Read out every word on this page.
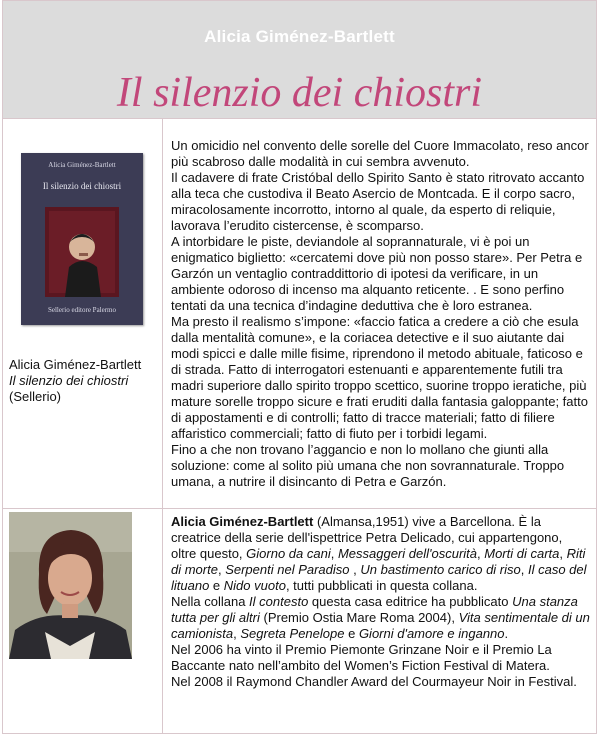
Alicia Giménez-Bartlett
Il silenzio dei chiostri
Alicia Giménez-Bartlett
Il silenzio dei chiostri
Sellerio editore Palermo
Alicia Giménez-Bartlett
Il silenzio dei chiostri
(Sellerio)

Un omicidio nel convento delle sorelle del Cuore Immacolato, reso ancor più scabroso dalle modalità in cui sembra avvenuto.

Il cadavere di frate Cristóbal dello Spirito Santo è stato ritrovato accanto alla teca che custodiva il Beato Asercio de Montcada. E il corpo sacro, miracolosamente incorrotto, intorno al quale, da esperto di reliquie, lavorava l’erudito cistercense, è scomparso.

A intorbidare le piste, deviandole al soprannaturale, vi è poi un enigmatico biglietto: «cercatemi dove più non posso stare». Per Petra e Garzón un ventaglio contraddittorio di ipotesi da verificare, in un ambiente odoroso di incenso ma alquanto reticente. . E sono perfino tentati da una tecnica d’indagine deduttiva che è loro estranea.

Ma presto il realismo s’impone: «faccio fatica a credere a ciò che esula dalla mentalità comune», e la coriacea detective e il suo aiutante dai modi spicci e dalle mille fisime, riprendono il metodo abituale, faticoso e di strada. Fatto di interrogatori estenuanti e apparentemente futili tra madri superiore dallo spirito troppo scettico, suorine troppo ieratiche, più mature sorelle troppo sicure e frati eruditi dalla fantasia galoppante; fatto di appostamenti e di controlli; fatto di tracce materiali; fatto di filiere affaristico commerciali; fatto di fiuto per i torbidi legami.

Fino a che non trovano l’aggancio e non lo mollano che giunti alla soluzione: come al solito più umana che non sovrannaturale. Troppo umana, a nutrire il disincanto di Petra e Garzón.

Alicia Giménez-Bartlett (Almansa,1951) vive a Barcellona. È la creatrice della serie dell'ispettrice Petra Delicado, cui appartengono, oltre questo, Giorno da cani, Messaggeri dell'oscurità, Morti di carta, Riti di morte, Serpenti nel Paradiso , Un bastimento carico di riso, Il caso del lituano e Nido vuoto, tutti pubblicati in questa collana.

Nella collana Il contesto questa casa editrice ha pubblicato Una stanza tutta per gli altri (Premio Ostia Mare Roma 2004), Vita sentimentale di un camionista, Segreta Penelope e Giorni d'amore e inganno.

Nel 2006 ha vinto il Premio Piemonte Grinzane Noir e il Premio La Baccante nato nell’ambito del Women’s Fiction Festival di Matera.

Nel 2008 il Raymond Chandler Award del Courmayeur Noir in Festival.
